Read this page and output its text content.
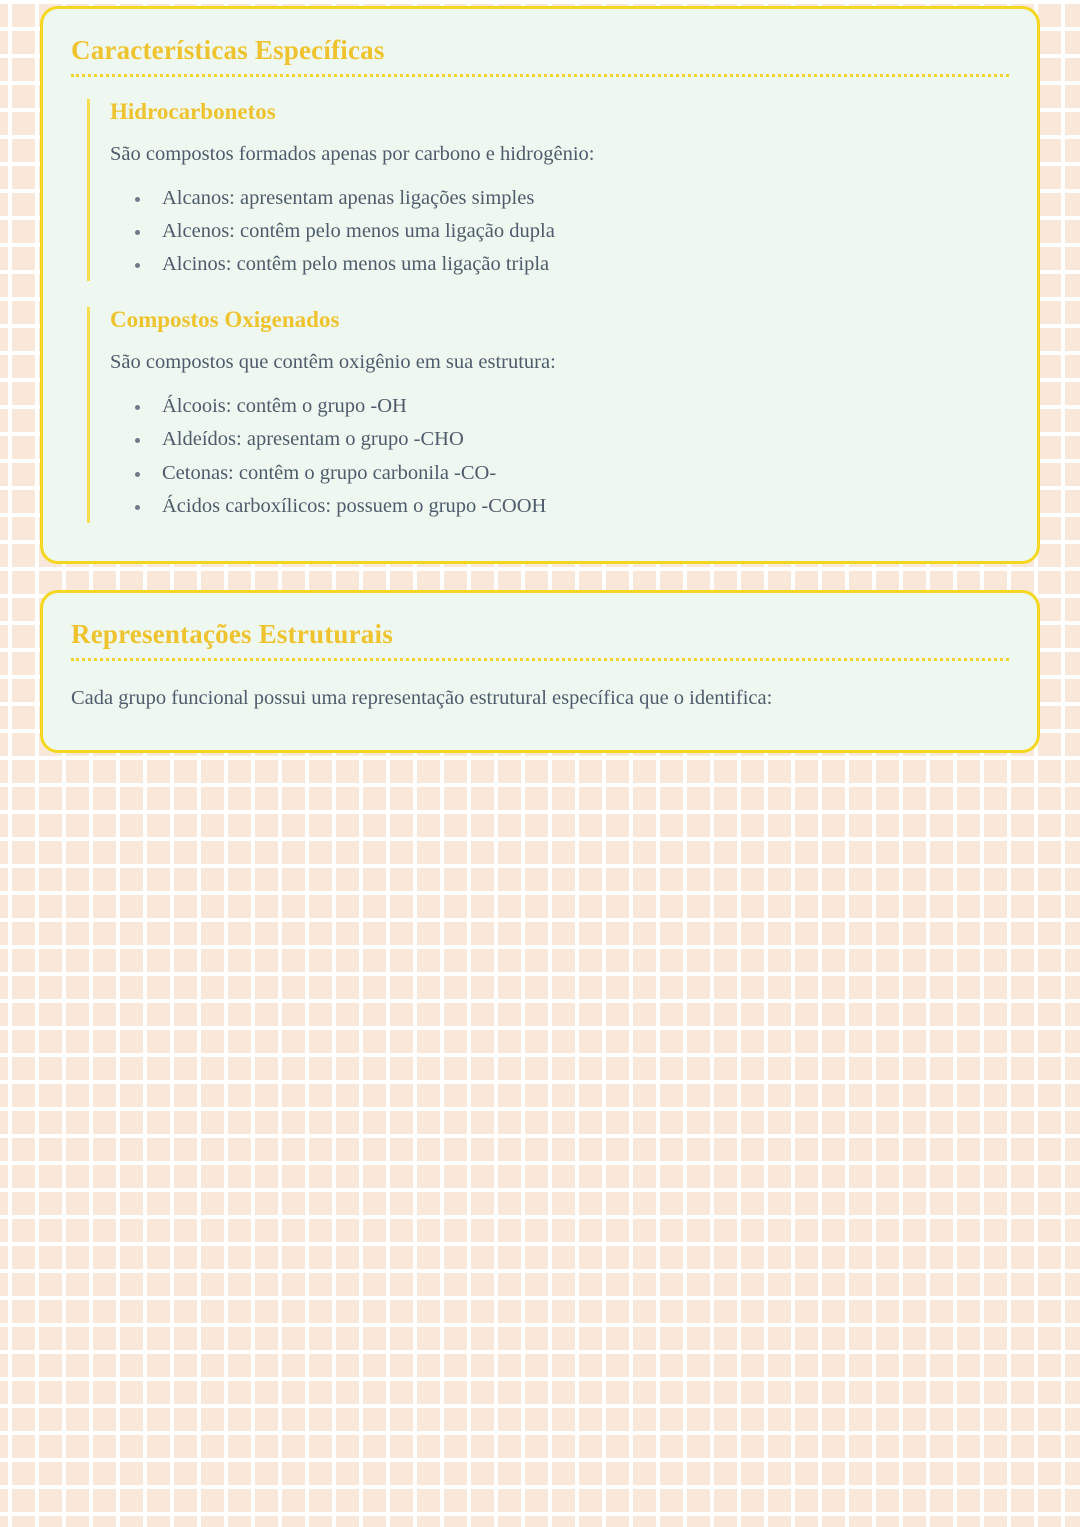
Características Específicas
Hidrocarbonetos

São compostos formados apenas por carbono e hidrogênio:

• Alcanos: apresentam apenas ligações simples
• Alcenos: contêm pelo menos uma ligação dupla
• Alcinos: contêm pelo menos uma ligação tripla
Compostos Oxigenados

São compostos que contêm oxigênio em sua estrutura:

• Álcoois: contêm o grupo -OH
• Aldeídos: apresentam o grupo -CHO
• Cetonas: contêm o grupo carbonila -CO-
• Ácidos carboxílicos: possuem o grupo -COOH
Representações Estruturais

Cada grupo funcional possui uma representação estrutural específica que o identifica:
